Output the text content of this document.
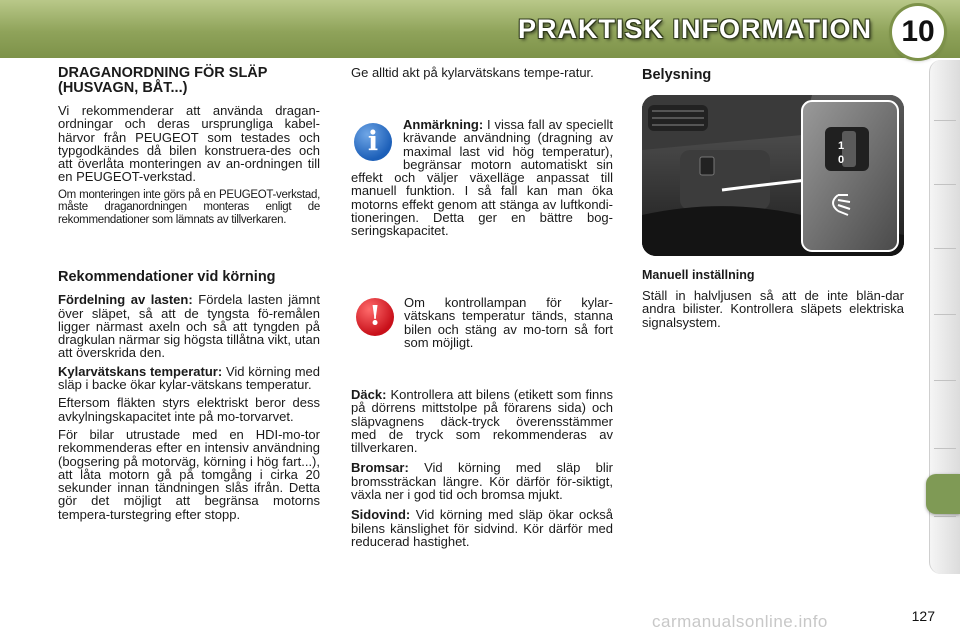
PRAKTISK INFORMATION 10
DRAGANORDNING FÖR SLÄP (HUSVAGN, BÅT...)

Vi rekommenderar att använda dragan-ordningar och deras ursprungliga kabel-härvor från PEUGEOT som testades och typgodkändes då bilen konstruera-des och att överlåta monteringen av an-ordningen till en PEUGEOT-verkstad.

Om monteringen inte görs på en PEUGEOT-verkstad, måste draganordningen monteras enligt de rekommendationer som lämnats av tillverkaren.

Rekommendationer vid körning

Fördelning av lasten: Fördela lasten jämnt över släpet, så att de tyngsta fö-remålen ligger närmast axeln och så att tyngden på dragkulan närmar sig högsta tillåtna vikt, utan att överskrida den.

Kylarvätskans temperatur: Vid körning med släp i backe ökar kylar-vätskans temperatur.

Eftersom fläkten styrs elektriskt beror dess avkylningskapacitet inte på mo-torvarvet.

För bilar utrustade med en HDI-mo-tor rekommenderas efter en intensiv användning (bogsering på motorväg, körning i hög fart...), att låta motorn gå på tomgång i cirka 20 sekunder innan tändningen slås ifrån. Detta gör det möjligt att begränsa motorns tempera-turstegring efter stopp.

Ge alltid akt på kylarvätskans tempe-ratur.

i
Anmärkning: I vissa fall av speciellt krävande användning (dragning av maximal last vid hög temperatur), begränsar motorn automatiskt sin effekt och väljer växelläge anpassat till manuell funktion. I så fall kan man öka motorns effekt genom att stänga av luftkondi-tioneringen. Detta ger en bättre bog-seringskapacitet.
!	Om kontrollampan för kylar-vätskans temperatur tänds, stanna bilen och stäng av mo-torn så fort som möjligt.

Däck: Kontrollera att bilens (etikett som finns på dörrens mittstolpe på förarens sida) och släpvagnens däck-tryck överensstämmer med de tryck som rekommenderas av tillverkaren.

Bromsar: Vid körning med släp blir bromssträckan längre. Kör därför för-siktigt, växla ner i god tid och bromsa mjukt.

Sidovind: Vid körning med släp ökar också bilens känslighet för sidvind. Kör därför med reducerad hastighet.

Belysning
1
0
Manuell inställning
Ställ in halvljusen så att de inte blän-dar andra bilister. Kontrollera släpets elektriska signalsystem.
carmanualsonline.info	127
